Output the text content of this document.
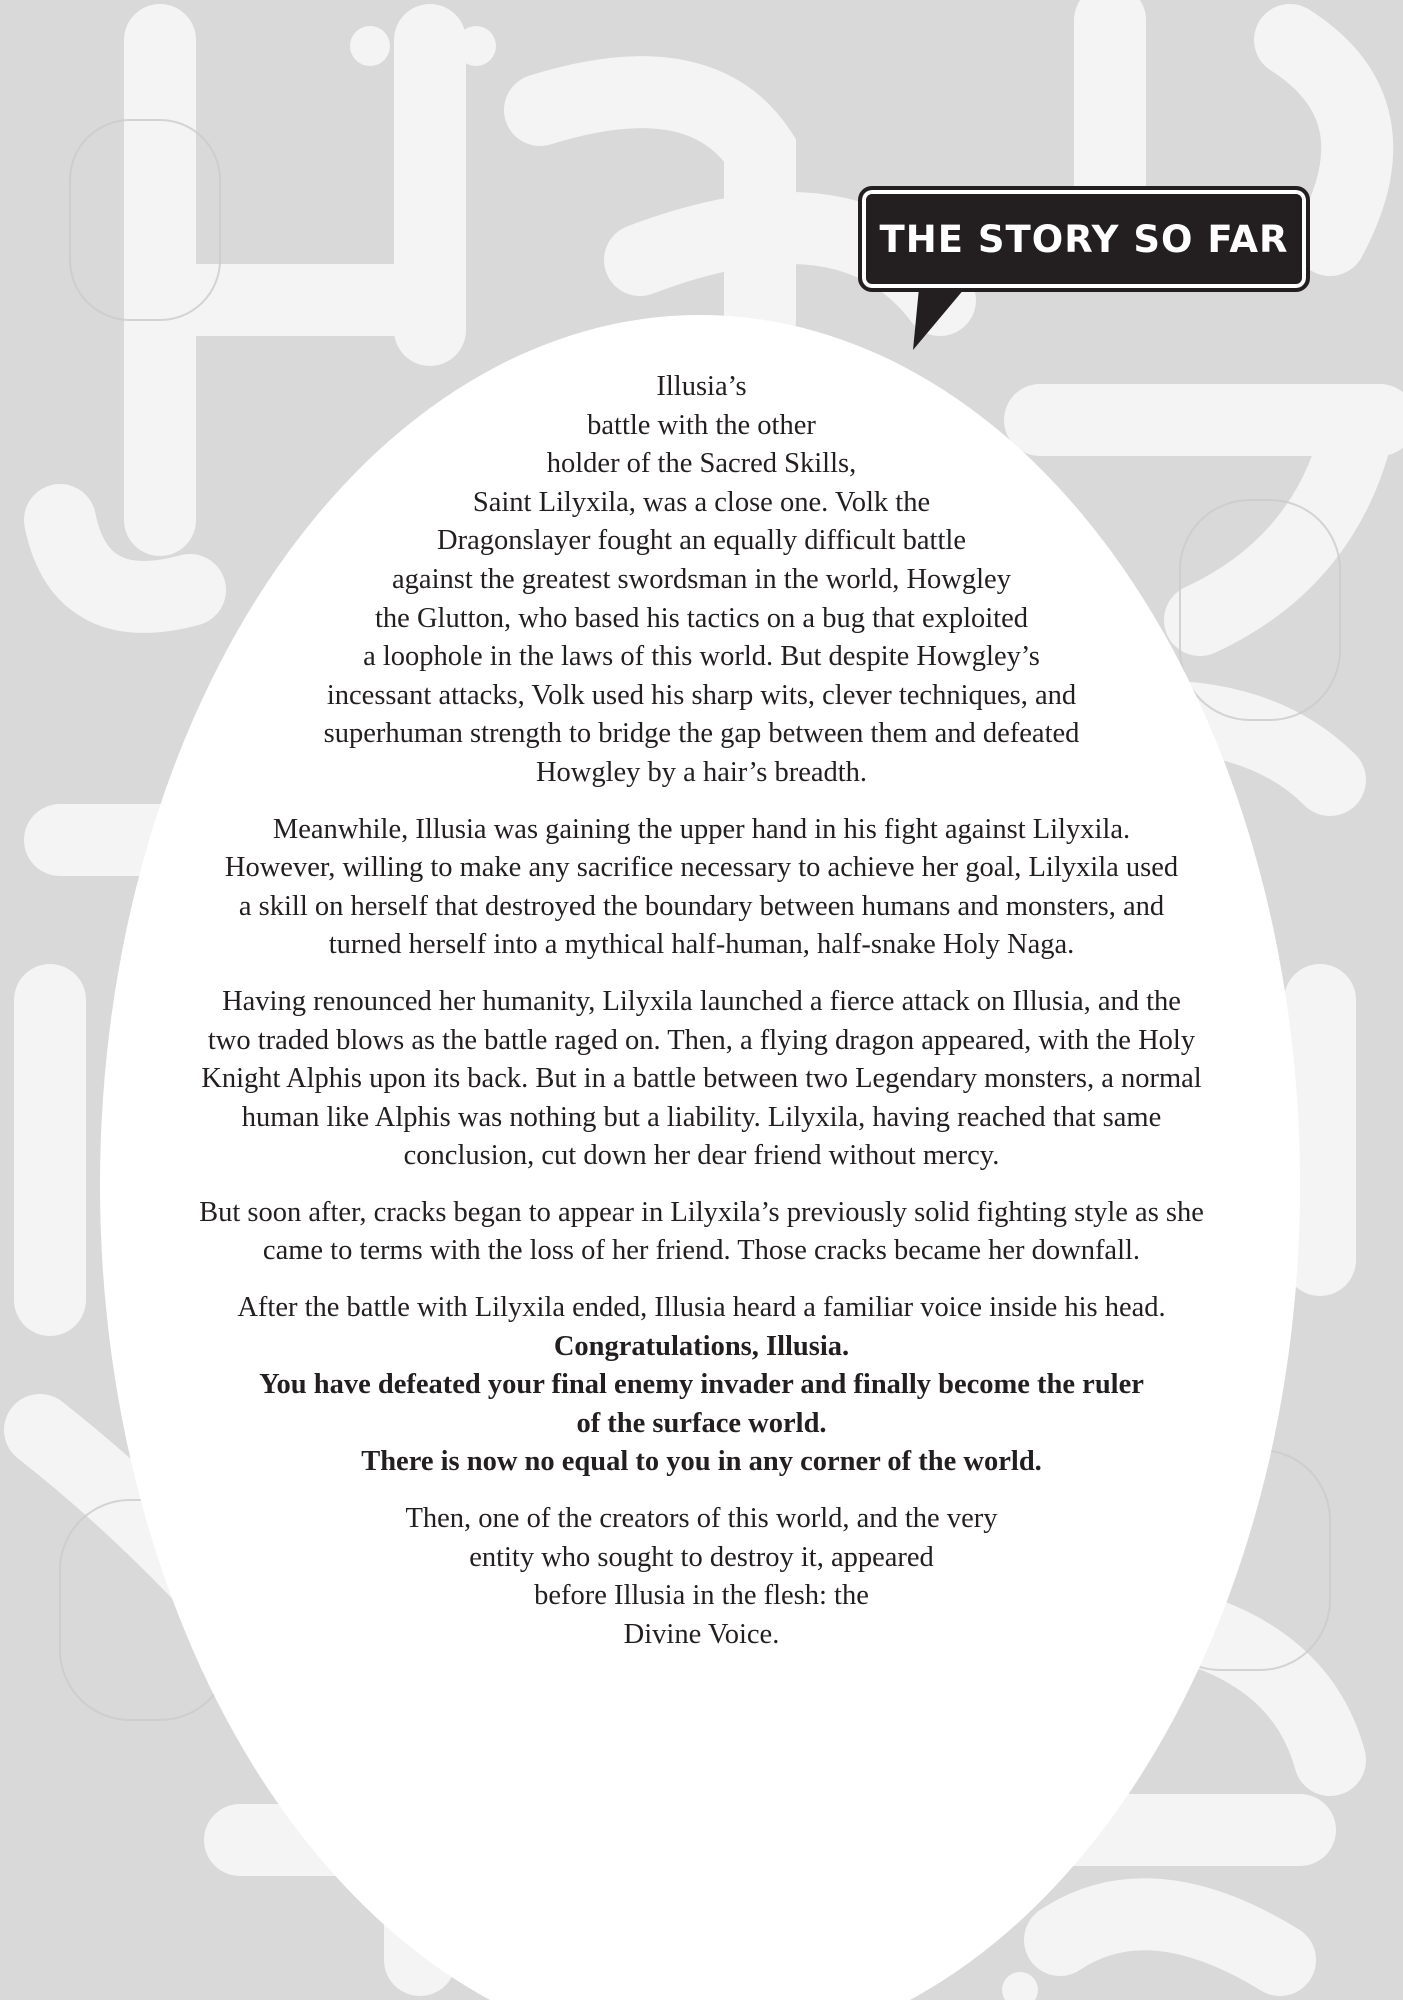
THE STORY SO FAR
Illusia’s
battle with the other
holder of the Sacred Skills,
Saint Lilyxila, was a close one. Volk the
Dragonslayer fought an equally difficult battle
against the greatest swordsman in the world, Howgley
the Glutton, who based his tactics on a bug that exploited
a loophole in the laws of this world. But despite Howgley’s
incessant attacks, Volk used his sharp wits, clever techniques, and
superhuman strength to bridge the gap between them and defeated
Howgley by a hair’s breadth.
Meanwhile, Illusia was gaining the upper hand in his fight against Lilyxila.
However, willing to make any sacrifice necessary to achieve her goal, Lilyxila used
a skill on herself that destroyed the boundary between humans and monsters, and
turned herself into a mythical half-human, half-snake Holy Naga.
Having renounced her humanity, Lilyxila launched a fierce attack on Illusia, and the
two traded blows as the battle raged on. Then, a flying dragon appeared, with the Holy
Knight Alphis upon its back. But in a battle between two Legendary monsters, a normal
human like Alphis was nothing but a liability. Lilyxila, having reached that same
conclusion, cut down her dear friend without mercy.
But soon after, cracks began to appear in Lilyxila’s previously solid fighting style as she
came to terms with the loss of her friend. Those cracks became her downfall.
After the battle with Lilyxila ended, Illusia heard a familiar voice inside his head.
Congratulations, Illusia.
You have defeated your final enemy invader and finally become the ruler
of the surface world.
There is now no equal to you in any corner of the world.
Then, one of the creators of this world, and the very
entity who sought to destroy it, appeared
before Illusia in the flesh: the
Divine Voice.
